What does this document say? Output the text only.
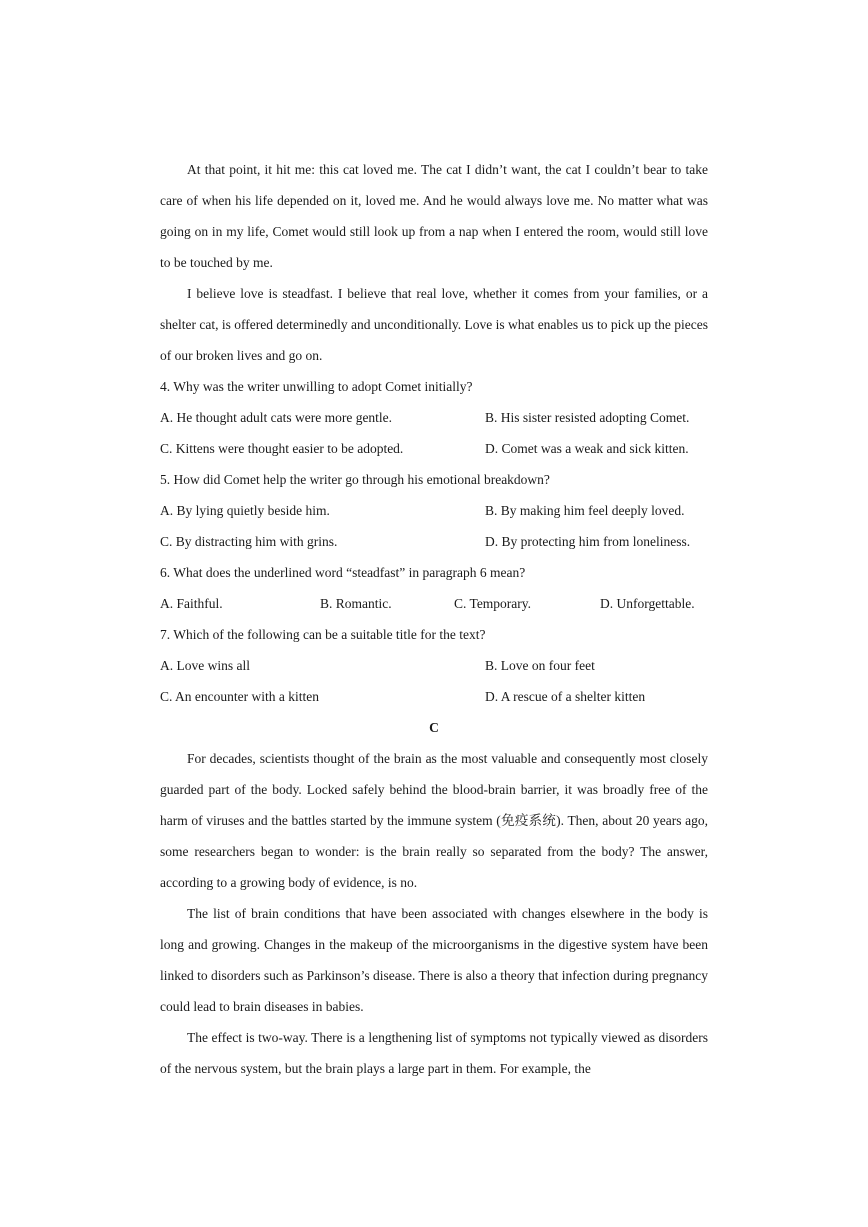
At that point, it hit me: this cat loved me. The cat I didn’t want, the cat I couldn’t bear to take care of when his life depended on it, loved me. And he would always love me. No matter what was going on in my life, Comet would still look up from a nap when I entered the room, would still love to be touched by me.

I believe love is steadfast. I believe that real love, whether it comes from your families, or a shelter cat, is offered determinedly and unconditionally. Love is what enables us to pick up the pieces of our broken lives and go on.

4. Why was the writer unwilling to adopt Comet initially?

A. He thought adult cats were more gentle.	B. His sister resisted adopting Comet.
C. Kittens were thought easier to be adopted.	D. Comet was a weak and sick kitten.

5. How did Comet help the writer go through his emotional breakdown?

A. By lying quietly beside him.	B. By making him feel deeply loved.
C. By distracting him with grins.	D. By protecting him from loneliness.

6. What does the underlined word “steadfast” in paragraph 6 mean?

A. Faithful.	B. Romantic.	C. Temporary.	D. Unforgettable.

7. Which of the following can be a suitable title for the text?

A. Love wins all	B. Love on four feet
C. An encounter with a kitten	D. A rescue of a shelter kitten

C

For decades, scientists thought of the brain as the most valuable and consequently most closely guarded part of the body. Locked safely behind the blood-brain barrier, it was broadly free of the harm of viruses and the battles started by the immune system (免疫系统). Then, about 20 years ago, some researchers began to wonder: is the brain really so separated from the body? The answer, according to a growing body of evidence, is no.

The list of brain conditions that have been associated with changes elsewhere in the body is long and growing. Changes in the makeup of the microorganisms in the digestive system have been linked to disorders such as Parkinson’s disease. There is also a theory that infection during pregnancy could lead to brain diseases in babies.

The effect is two-way. There is a lengthening list of symptoms not typically viewed as disorders of the nervous system, but the brain plays a large part in them. For example, the
